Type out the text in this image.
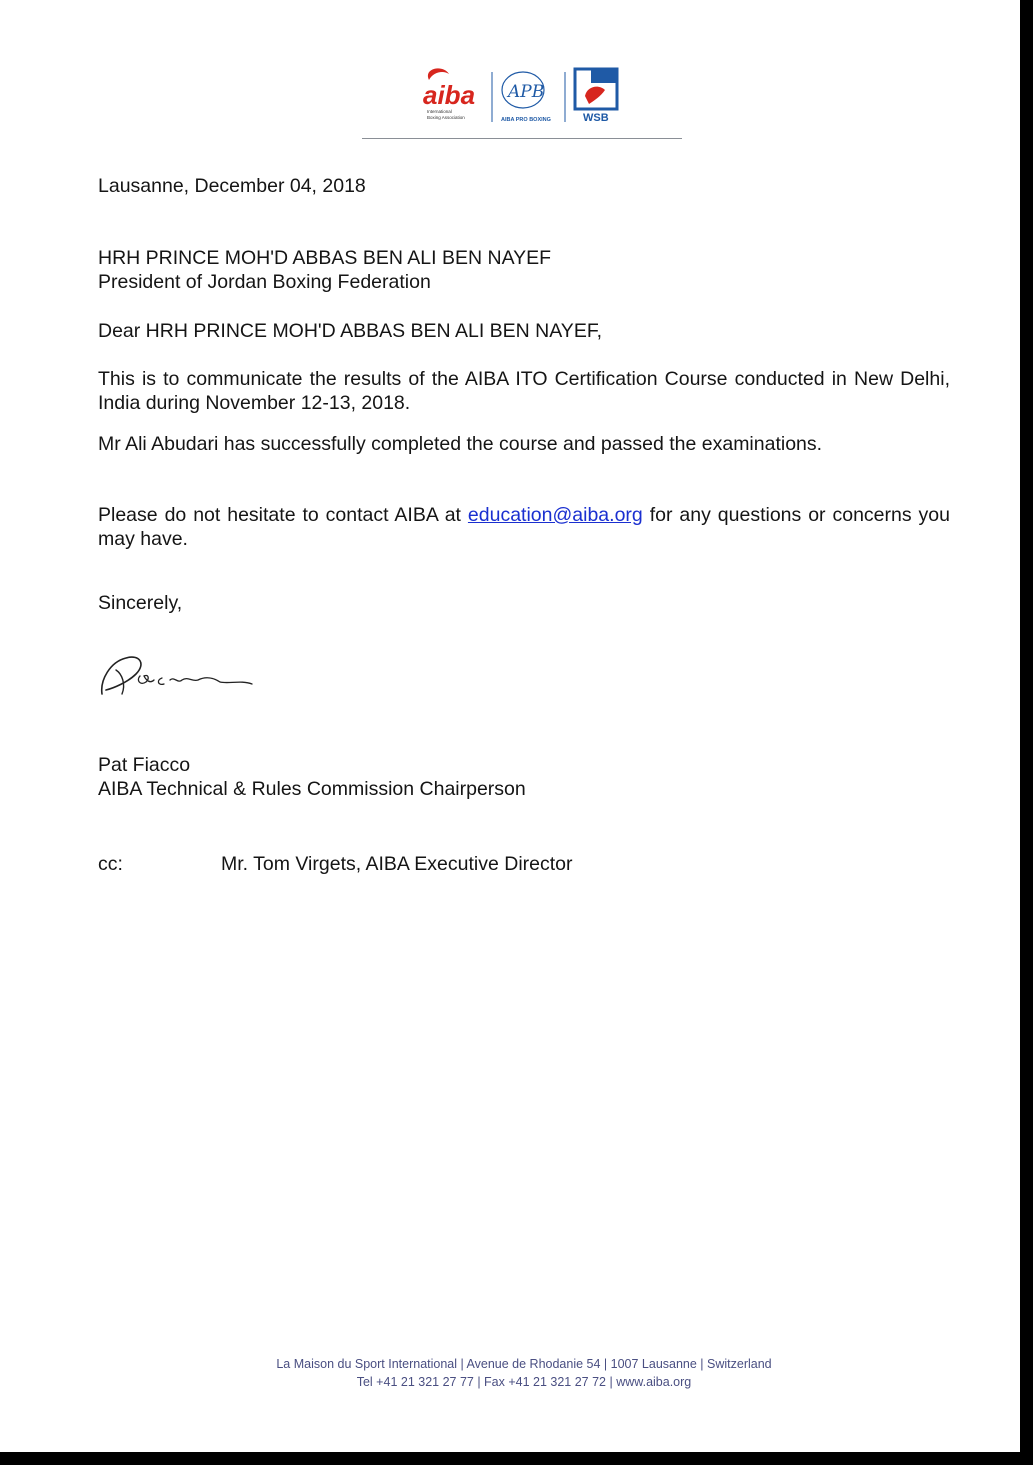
aiba
International
Boxing Association
APB
AIBA PRO BOXING	WSB
Lausanne, December 04, 2018
HRH PRINCE MOH'D ABBAS BEN ALI BEN NAYEF
President of Jordan Boxing Federation
Dear HRH PRINCE MOH'D ABBAS BEN ALI BEN NAYEF,
This is to communicate the results of the AIBA ITO Certification Course conducted in New Delhi, India during November 12-13, 2018.
Mr Ali Abudari has successfully completed the course and passed the examinations.
Please do not hesitate to contact AIBA at education@aiba.org for any questions or concerns you may have.
Sincerely,
Pat Fiacco
AIBA Technical & Rules Commission Chairperson
cc:	Mr. Tom Virgets, AIBA Executive Director
La Maison du Sport International | Avenue de Rhodanie 54 | 1007 Lausanne | Switzerland
Tel +41 21 321 27 77 | Fax +41 21 321 27 72 | www.aiba.org
